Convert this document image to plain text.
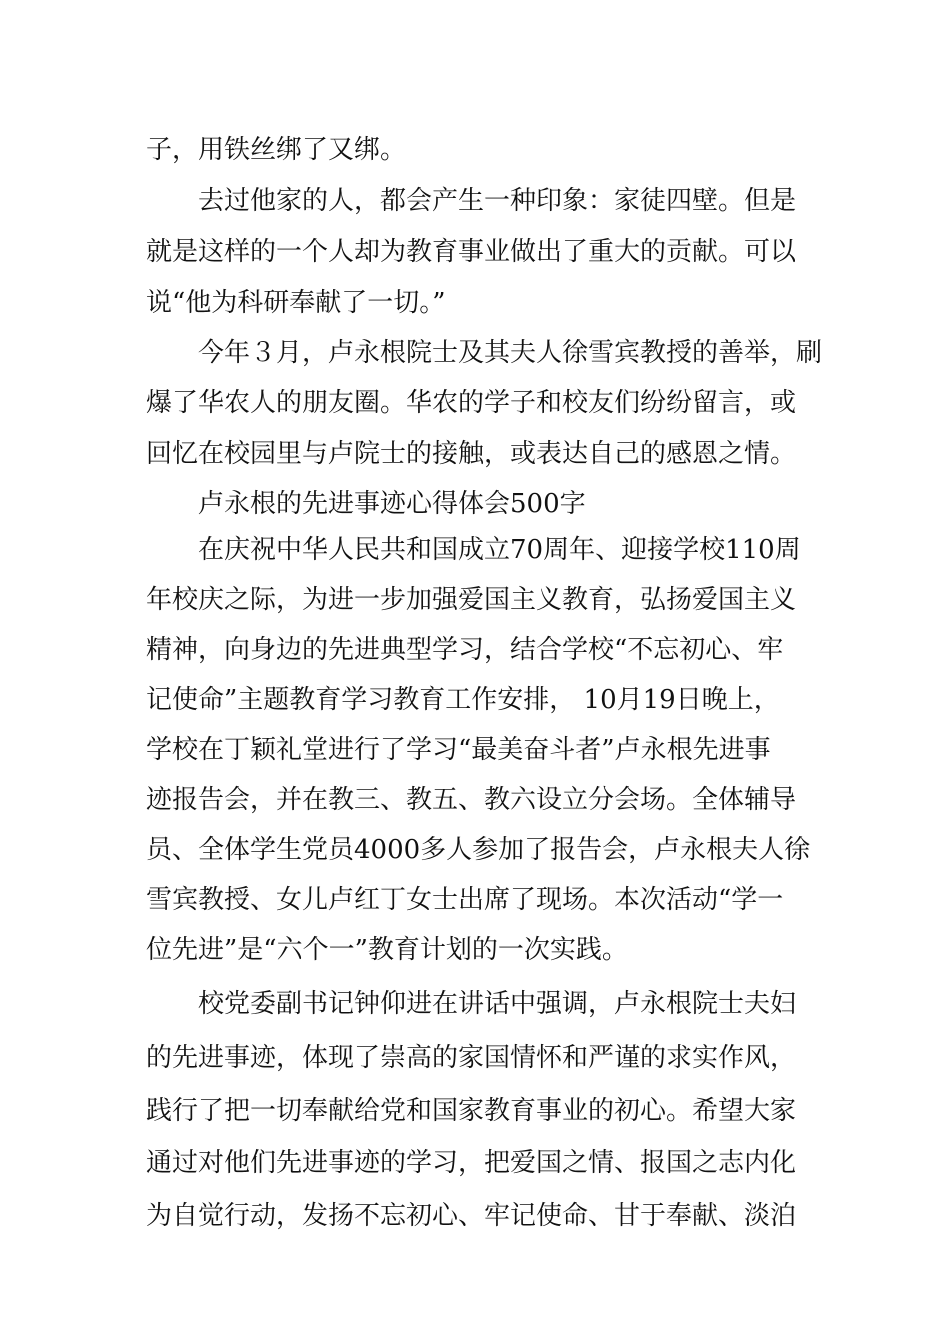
子，用铁丝绑了又绑。
去过他家的人，都会产生一种印象：家徒四壁。但是
就是这样的一个人却为教育事业做出了重大的贡献。可以
说“他为科研奉献了一切。”
今年３月，卢永根院士及其夫人徐雪宾教授的善举，刷
爆了华农人的朋友圈。华农的学子和校友们纷纷留言，或
回忆在校园里与卢院士的接触，或表达自己的感恩之情。
卢永根的先进事迹心得体会500字
在庆祝中华人民共和国成立70周年、迎接学校110周
年校庆之际，为进一步加强爱国主义教育，弘扬爱国主义
精神，向身边的先进典型学习，结合学校“不忘初心、牢
记使命”主题教育学习教育工作安排， 10月19日晚上，
学校在丁颖礼堂进行了学习“最美奋斗者”卢永根先进事
迹报告会，并在教三、教五、教六设立分会场。全体辅导
员、全体学生党员4000多人参加了报告会，卢永根夫人徐
雪宾教授、女儿卢红丁女士出席了现场。本次活动“学一
位先进”是“六个一”教育计划的一次实践。
校党委副书记钟仰进在讲话中强调，卢永根院士夫妇
的先进事迹，体现了崇高的家国情怀和严谨的求实作风，
践行了把一切奉献给党和国家教育事业的初心。希望大家
通过对他们先进事迹的学习，把爱国之情、报国之志内化
为自觉行动，发扬不忘初心、牢记使命、甘于奉献、淡泊
